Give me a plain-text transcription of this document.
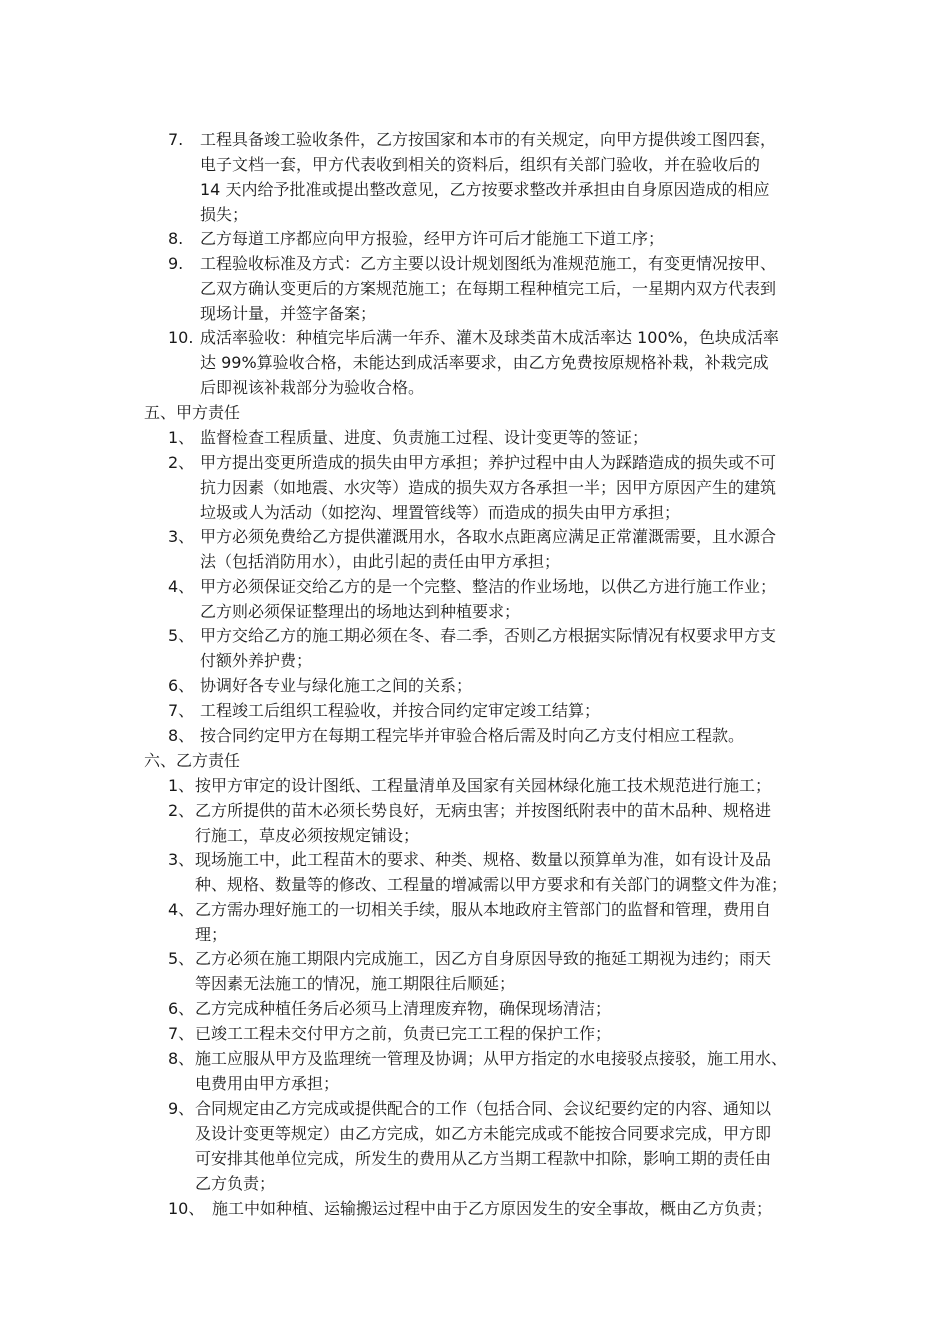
7. 工程具备竣工验收条件，乙方按国家和本市的有关规定，向甲方提供竣工图四套，
电子文档一套，甲方代表收到相关的资料后，组织有关部门验收，并在验收后的
14 天内给予批准或提出整改意见，乙方按要求整改并承担由自身原因造成的相应
损失；
8. 乙方每道工序都应向甲方报验，经甲方许可后才能施工下道工序；
9. 工程验收标准及方式：乙方主要以设计规划图纸为准规范施工，有变更情况按甲、
乙双方确认变更后的方案规范施工；在每期工程种植完工后，一星期内双方代表到
现场计量，并签字备案；
10. 成活率验收：种植完毕后满一年乔、灌木及球类苗木成活率达 100%，色块成活率
达 99%算验收合格，未能达到成活率要求，由乙方免费按原规格补栽，补栽完成
后即视该补栽部分为验收合格。
五、甲方责任
1、 监督检查工程质量、进度、负责施工过程、设计变更等的签证；
2、 甲方提出变更所造成的损失由甲方承担；养护过程中由人为踩踏造成的损失或不可
抗力因素（如地震、水灾等）造成的损失双方各承担一半；因甲方原因产生的建筑
垃圾或人为活动（如挖沟、埋置管线等）而造成的损失由甲方承担；
3、 甲方必须免费给乙方提供灌溉用水，各取水点距离应满足正常灌溉需要，且水源合
法（包括消防用水），由此引起的责任由甲方承担；
4、 甲方必须保证交给乙方的是一个完整、整洁的作业场地，以供乙方进行施工作业；
乙方则必须保证整理出的场地达到种植要求；
5、 甲方交给乙方的施工期必须在冬、春二季，否则乙方根据实际情况有权要求甲方支
付额外养护费；
6、 协调好各专业与绿化施工之间的关系；
7、 工程竣工后组织工程验收，并按合同约定审定竣工结算；
8、 按合同约定甲方在每期工程完毕并审验合格后需及时向乙方支付相应工程款。
六、乙方责任
1、 按甲方审定的设计图纸、工程量清单及国家有关园林绿化施工技术规范进行施工；
2、 乙方所提供的苗木必须长势良好，无病虫害；并按图纸附表中的苗木品种、规格进
行施工，草皮必须按规定铺设；
3、 现场施工中，此工程苗木的要求、种类、规格、数量以预算单为准，如有设计及品
种、规格、数量等的修改、工程量的增减需以甲方要求和有关部门的调整文件为准；
4、 乙方需办理好施工的一切相关手续，服从本地政府主管部门的监督和管理，费用自
理；
5、 乙方必须在施工期限内完成施工，因乙方自身原因导致的拖延工期视为违约；雨天
等因素无法施工的情况，施工期限往后顺延；
6、 乙方完成种植任务后必须马上清理废弃物，确保现场清洁；
7、 已竣工工程未交付甲方之前，负责已完工工程的保护工作；
8、 施工应服从甲方及监理统一管理及协调；从甲方指定的水电接驳点接驳，施工用水、
电费用由甲方承担；
9、 合同规定由乙方完成或提供配合的工作（包括合同、会议纪要约定的内容、通知以
及设计变更等规定）由乙方完成，如乙方未能完成或不能按合同要求完成，甲方即
可安排其他单位完成，所发生的费用从乙方当期工程款中扣除，影响工期的责任由
乙方负责；
10、 施工中如种植、运输搬运过程中由于乙方原因发生的安全事故，概由乙方负责；
